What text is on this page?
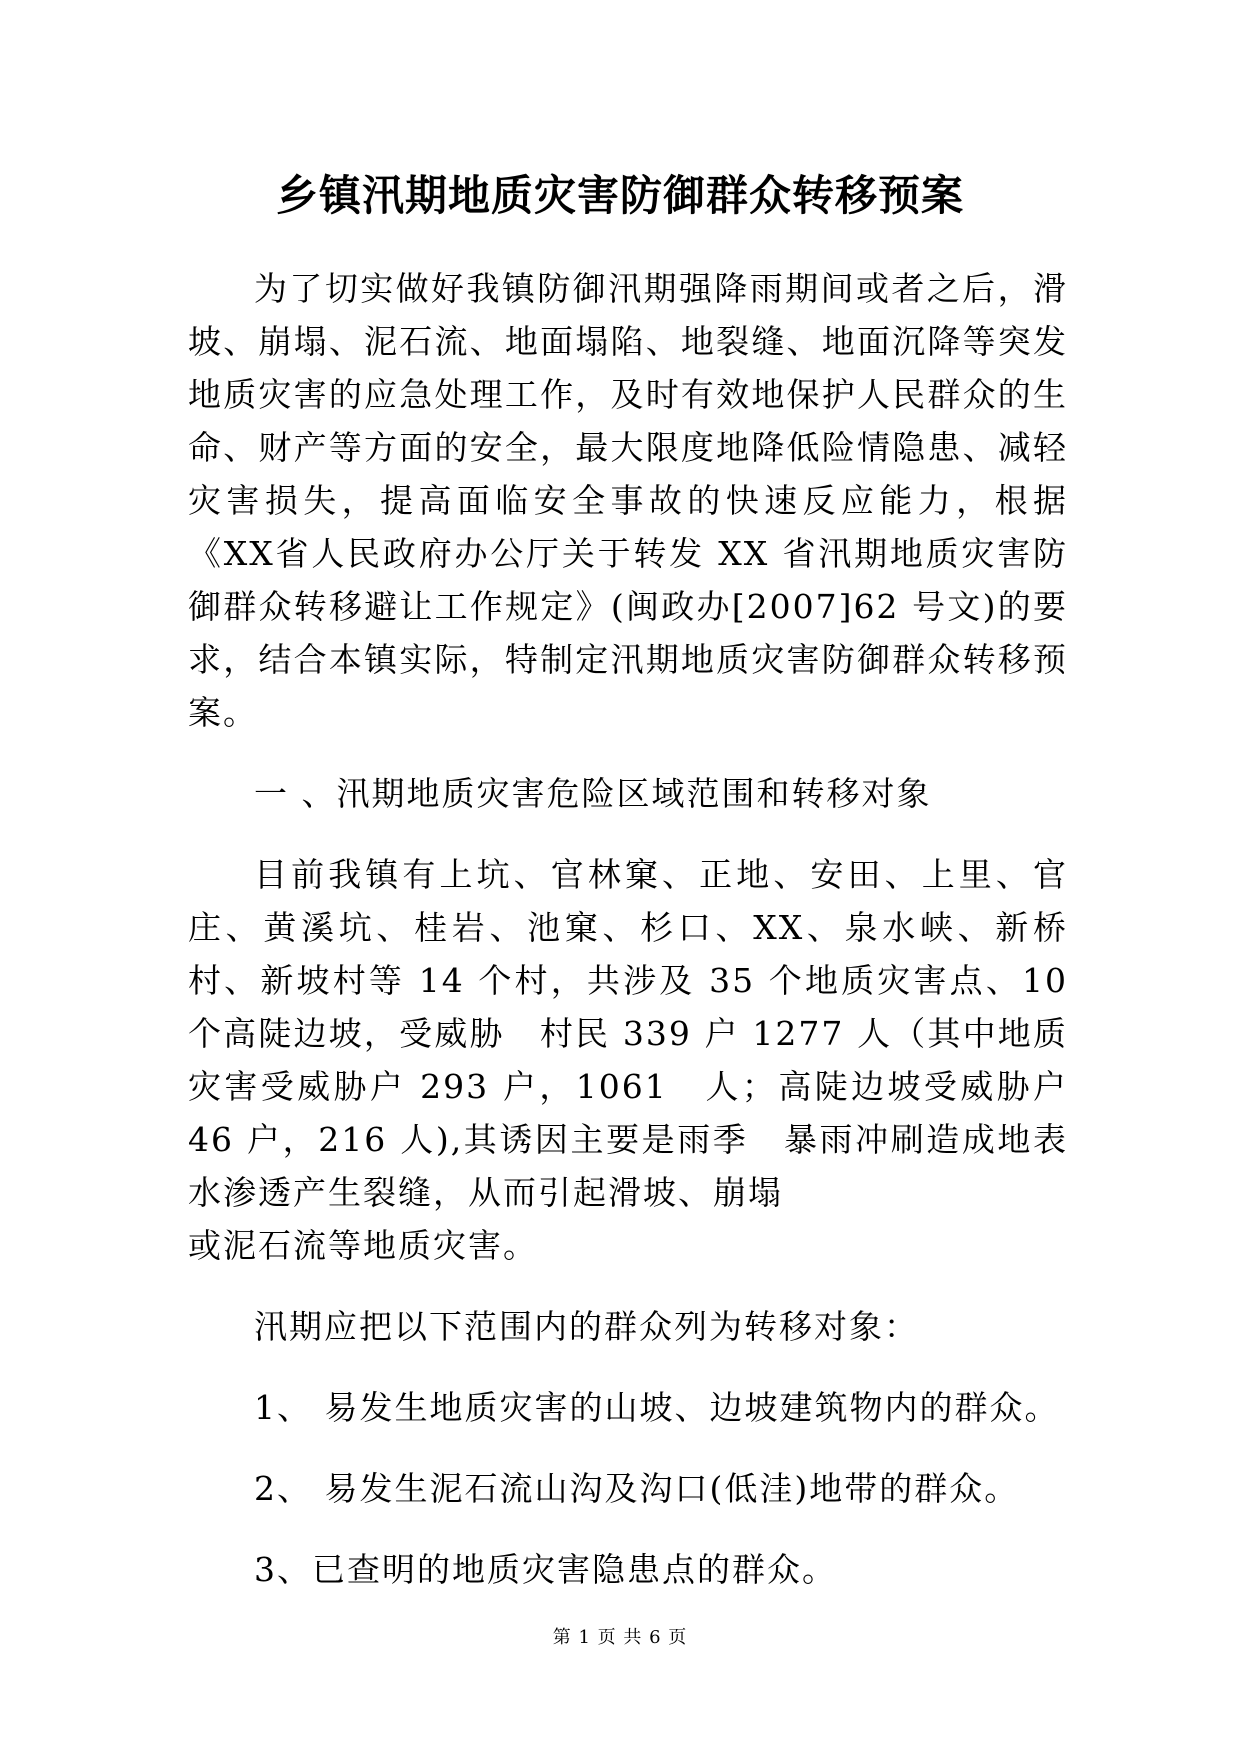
乡镇汛期地质灾害防御群众转移预案

为了切实做好我镇防御汛期强降雨期间或者之后，滑坡、崩塌、泥石流、地面塌陷、地裂缝、地面沉降等突发地质灾害的应急处理工作，及时有效地保护人民群众的生命、财产等方面的安全，最大限度地降低险情隐患、减轻灾害损失，提高面临安全事故的快速反应能力，根据《XX省人民政府办公厅关于转发 XX 省汛期地质灾害防御群众转移避让工作规定》(闽政办[2007]62 号文)的要求，结合本镇实际，特制定汛期地质灾害防御群众转移预案。

一 、汛期地质灾害危险区域范围和转移对象

目前我镇有上坑、官林窠、正地、安田、上里、官庄、黄溪坑、桂岩、池窠、杉口、XX、泉水峡、新桥村、新坡村等 14 个村，共涉及 35 个地质灾害点、10 个高陡边坡，受威胁　村民 339 户 1277 人（其中地质灾害受威胁户 293 户，1061　人；高陡边坡受威胁户 46 户，216 人),其诱因主要是雨季　暴雨冲刷造成地表水渗透产生裂缝，从而引起滑坡、崩塌

或泥石流等地质灾害。

汛期应把以下范围内的群众列为转移对象：

1、 易发生地质灾害的山坡、边坡建筑物内的群众。

2、 易发生泥石流山沟及沟口(低洼)地带的群众。

3、已查明的地质灾害隐患点的群众。

第 1 页 共 6 页
